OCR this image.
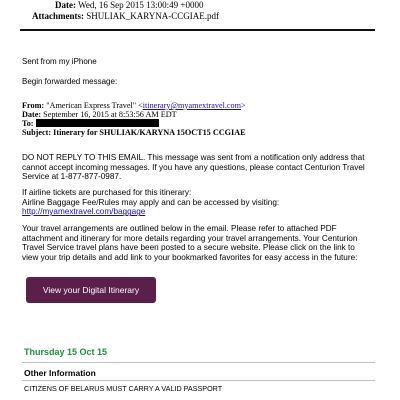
Date: Wed, 16 Sep 2015 13:00:49 +0000
Attachments: SHULIAK_KARYNA-CCGIAE.pdf
Sent from my iPhone
Begin forwarded message:
From: "American Express Travel" <itinerary@myamextravel.com>
Date: September 16, 2015 at 8:53:56 AM EDT
To:
Subject: Itinerary for SHULIAK/KARYNA 15OCT15 CCGIAE
DO NOT REPLY TO THIS EMAIL. This message was sent from a notification only address that cannot accept incoming messages. If you have any questions, please contact Centurion Travel Service at 1-877-877-0987.
If airline tickets are purchased for this itinerary:
Airline Baggage Fee/Rules may apply and can be accessed by visiting:
http://myamextravel.com/baggage
Your travel arrangements are outlined below in the email. Please refer to attached PDF attachment and itinerary for more details regarding your travel arrangements. Your Centurion Travel Service travel plans have been posted to a secure website. Please click on the link to view your trip details and add link to your bookmarked favorites for easy access in the future:
View your Digital Itinerary
Thursday 15 Oct 15
Other Information
CITIZENS OF BELARUS MUST CARRY A VALID PASSPORT
